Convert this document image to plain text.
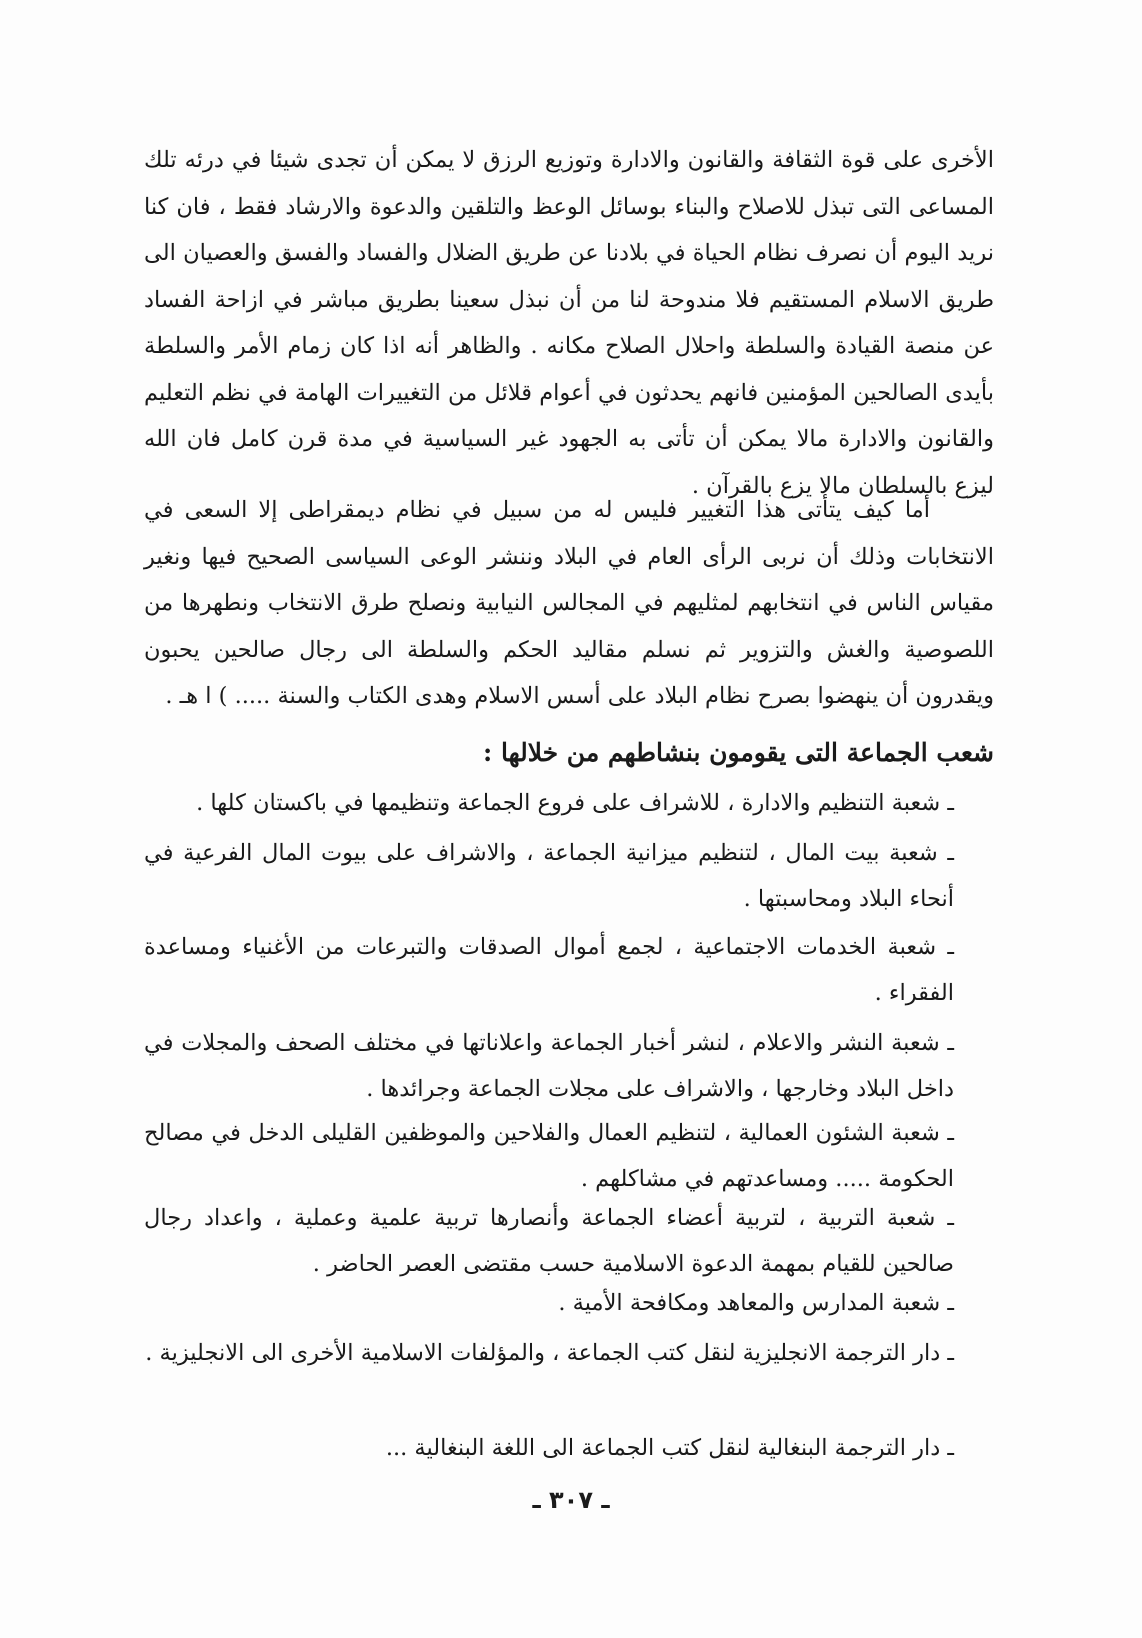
الأخرى على قوة الثقافة والقانون والادارة وتوزيع الرزق لا يمكن أن تجدى شيئا في درئه تلك المساعى التى تبذل للاصلاح والبناء بوسائل الوعظ والتلقين والدعوة والارشاد فقط ، فان كنا نريد اليوم أن نصرف نظام الحياة في بلادنا عن طريق الضلال والفساد والفسق والعصيان الى طريق الاسلام المستقيم فلا مندوحة لنا من أن نبذل سعينا بطريق مباشر في ازاحة الفساد عن منصة القيادة والسلطة واحلال الصلاح مكانه . والظاهر أنه اذا كان زمام الأمر والسلطة بأيدى الصالحين المؤمنين فانهم يحدثون في أعوام قلائل من التغييرات الهامة في نظم التعليم والقانون والادارة مالا يمكن أن تأتى به الجهود غير السياسية في مدة قرن كامل فان الله ليزع بالسلطان مالا يزع بالقرآن .

أما كيف يتأتى هذا التغيير فليس له من سبيل في نظام ديمقراطى إلا السعى في الانتخابات وذلك أن نربى الرأى العام في البلاد وننشر الوعى السياسى الصحيح فيها ونغير مقياس الناس في انتخابهم لمثليهم في المجالس النيابية ونصلح طرق الانتخاب ونطهرها من اللصوصية والغش والتزوير ثم نسلم مقاليد الحكم والسلطة الى رجال صالحين يحبون ويقدرون أن ينهضوا بصرح نظام البلاد على أسس الاسلام وهدى الكتاب والسنة ..... ) ا هـ .

شعب الجماعة التى يقومون بنشاطهم من خلالها :

ـ شعبة التنظيم والادارة ، للاشراف على فروع الجماعة وتنظيمها في باكستان كلها .

ـ شعبة بيت المال ، لتنظيم ميزانية الجماعة ، والاشراف على بيوت المال الفرعية في أنحاء البلاد ومحاسبتها .

ـ شعبة الخدمات الاجتماعية ، لجمع أموال الصدقات والتبرعات من الأغنياء ومساعدة الفقراء .

ـ شعبة النشر والاعلام ، لنشر أخبار الجماعة واعلاناتها في مختلف الصحف والمجلات في داخل البلاد وخارجها ، والاشراف على مجلات الجماعة وجرائدها .

ـ شعبة الشئون العمالية ، لتنظيم العمال والفلاحين والموظفين القليلى الدخل في مصالح الحكومة ..... ومساعدتهم في مشاكلهم .

ـ شعبة التربية ، لتربية أعضاء الجماعة وأنصارها تربية علمية وعملية ، واعداد رجال صالحين للقيام بمهمة الدعوة الاسلامية حسب مقتضى العصر الحاضر .

ـ شعبة المدارس والمعاهد ومكافحة الأمية .

ـ دار الترجمة الانجليزية لنقل كتب الجماعة ، والمؤلفات الاسلامية الأخرى الى الانجليزية .

ـ دار الترجمة البنغالية لنقل كتب الجماعة الى اللغة البنغالية ...

ـ ٣٠٧ ـ
